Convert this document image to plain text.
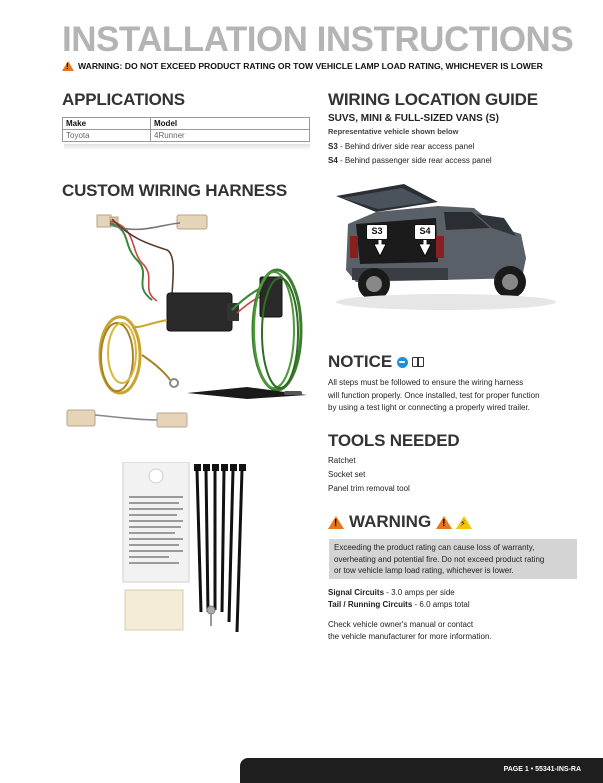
INSTALLATION INSTRUCTIONS
!
WARNING: DO NOT EXCEED PRODUCT RATING OR TOW VEHICLE LAMP LOAD RATING, WHICHEVER IS LOWER
APPLICATIONS
Make	Model
Toyota	4Runner
CUSTOM WIRING HARNESS
WIRING LOCATION GUIDE
SUVS, MINI & FULL-SIZED VANS (S)
Representative vehicle shown below
S3 - Behind driver side rear access panel
S4 - Behind passenger side rear access panel
S3	S4
NOTICE
All steps must be followed to ensure the wiring harness
will function properly. Once installed, test for proper function
by using a test light or connecting a properly wired trailer.
TOOLS NEEDED
Ratchet
Socket set
Panel trim removal tool
!
WARNING
!
⚡
Exceeding the product rating can cause loss of warranty,
overheating and potential fire. Do not exceed product rating
or tow vehicle lamp load rating, whichever is lower.
Signal Circuits - 3.0 amps per side
Tail / Running Circuits - 6.0 amps total
Check vehicle owner's manual or contact
the vehicle manufacturer for more information.
PAGE 1 • 55341-INS-RA
